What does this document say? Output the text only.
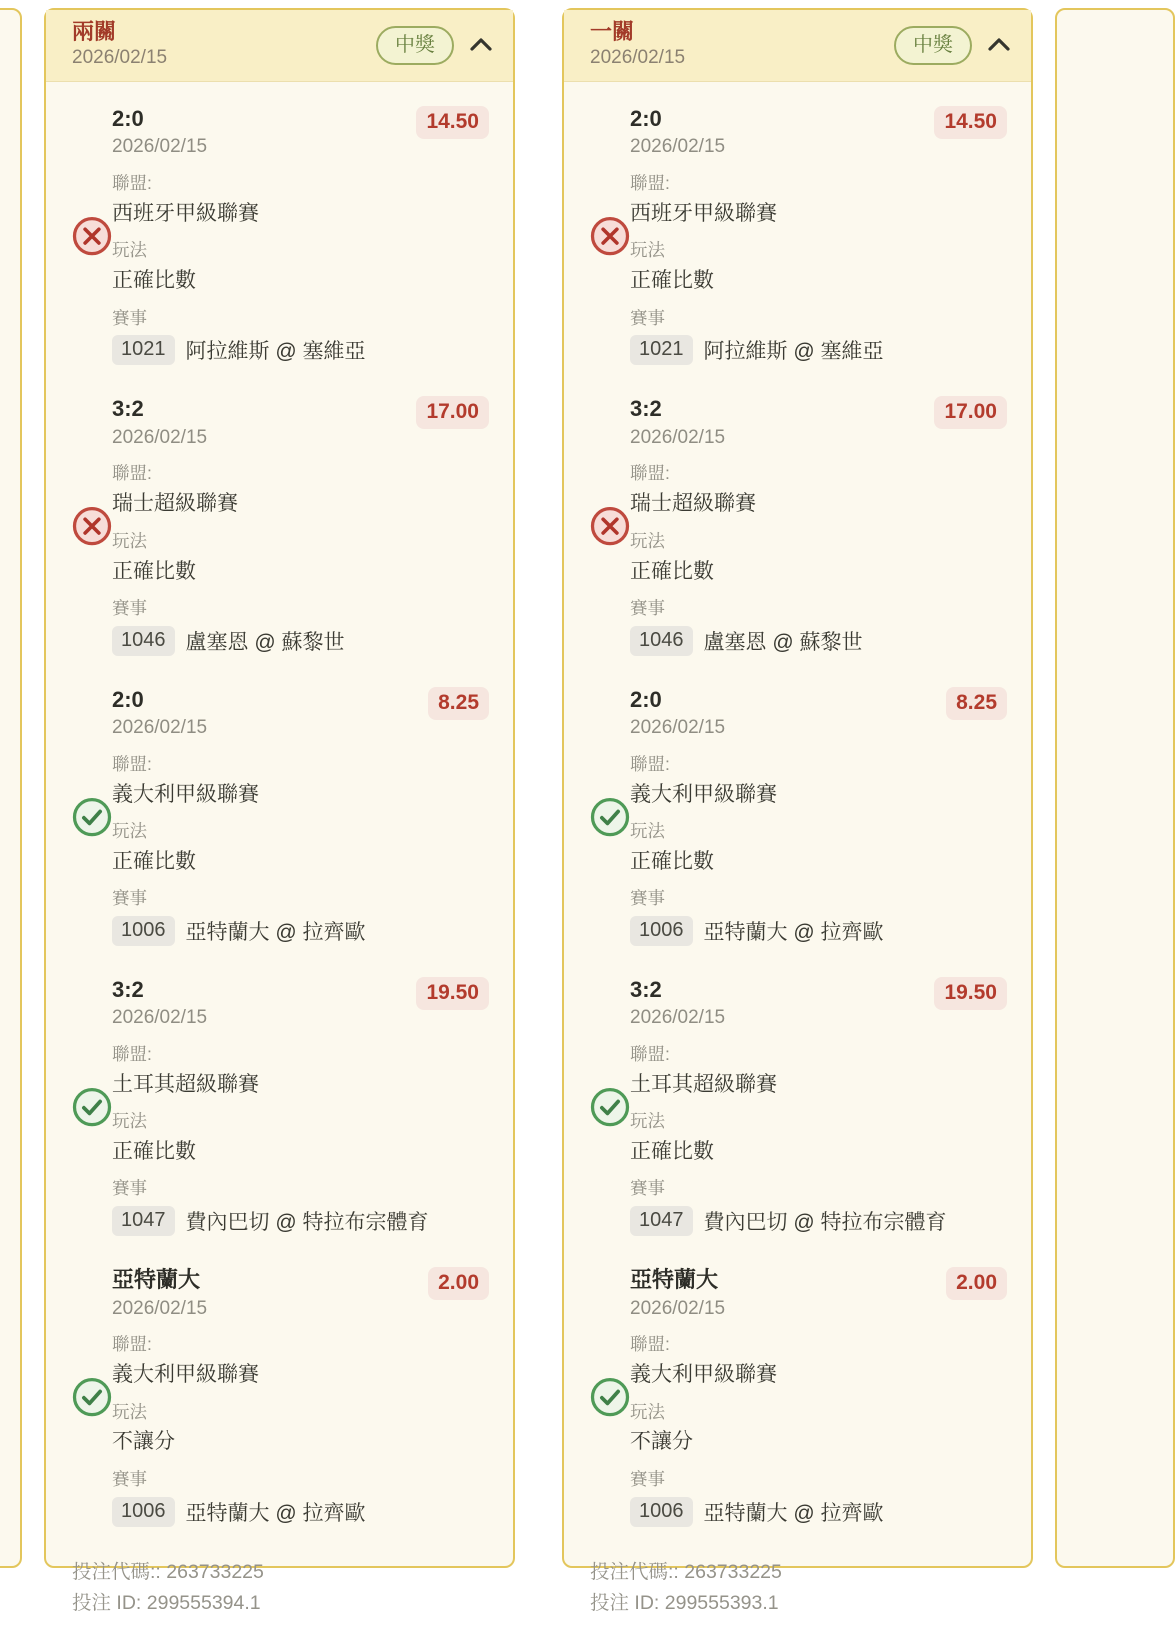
兩關
2026/02/15
中獎
2:0
2026/02/15
14.50
聯盟:
西班牙甲級聯賽
玩法
正確比數
賽事
1021 阿拉維斯 @ 塞維亞
3:2
2026/02/15
17.00
聯盟:
瑞士超級聯賽
玩法
正確比數
賽事
1046 盧塞恩 @ 蘇黎世
2:0
2026/02/15
8.25
聯盟:
義大利甲級聯賽
玩法
正確比數
賽事
1006 亞特蘭大 @ 拉齊歐
3:2
2026/02/15
19.50
聯盟:
土耳其超級聯賽
玩法
正確比數
賽事
1047 費內巴切 @ 特拉布宗體育
亞特蘭大
2026/02/15
2.00
聯盟:
義大利甲級聯賽
玩法
不讓分
賽事
1006 亞特蘭大 @ 拉齊歐
投注代碼:: 263733225
投注 ID: 299555394.1
一關
2026/02/15
中獎
2:0
2026/02/15
14.50
聯盟:
西班牙甲級聯賽
玩法
正確比數
賽事
1021 阿拉維斯 @ 塞維亞
3:2
2026/02/15
17.00
聯盟:
瑞士超級聯賽
玩法
正確比數
賽事
1046 盧塞恩 @ 蘇黎世
2:0
2026/02/15
8.25
聯盟:
義大利甲級聯賽
玩法
正確比數
賽事
1006 亞特蘭大 @ 拉齊歐
3:2
2026/02/15
19.50
聯盟:
土耳其超級聯賽
玩法
正確比數
賽事
1047 費內巴切 @ 特拉布宗體育
亞特蘭大
2026/02/15
2.00
聯盟:
義大利甲級聯賽
玩法
不讓分
賽事
1006 亞特蘭大 @ 拉齊歐
投注代碼:: 263733225
投注 ID: 299555393.1
